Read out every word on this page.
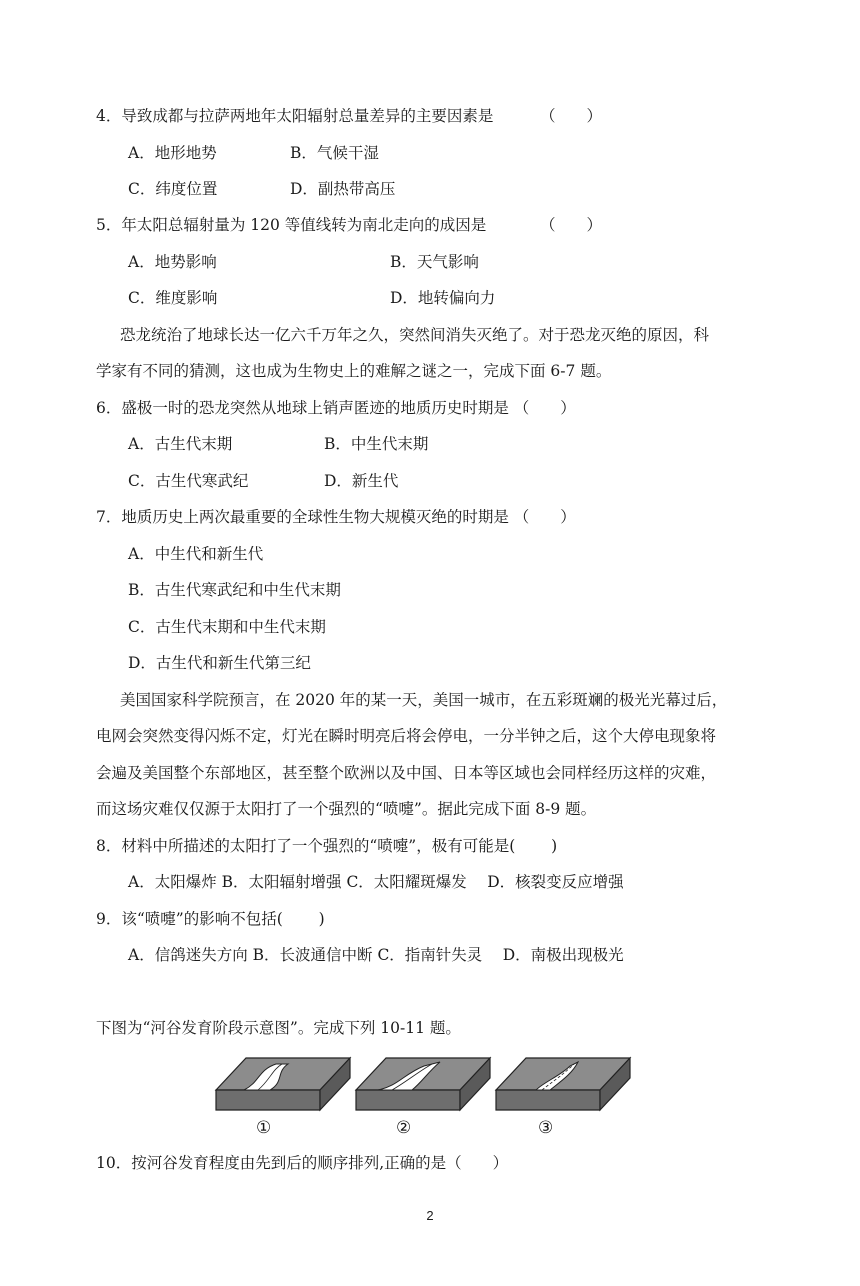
4．导致成都与拉萨两地年太阳辐射总量差异的主要因素是	（　　）
A．地形地势	B．气候干湿
C．纬度位置	D．副热带高压
5．年太阳总辐射量为 120 等值线转为南北走向的成因是	（　　）
A．地势影响	B．天气影响
C．维度影响	D．地转偏向力
恐龙统治了地球长达一亿六千万年之久，突然间消失灭绝了。对于恐龙灭绝的原因，科
学家有不同的猜测，这也成为生物史上的难解之谜之一，完成下面 6-7 题。
6．盛极一时的恐龙突然从地球上销声匿迹的地质历史时期是 （　　）
A．古生代末期	B．中生代末期
C．古生代寒武纪	D．新生代
7．地质历史上两次最重要的全球性生物大规模灭绝的时期是 （　　）
A．中生代和新生代
B．古生代寒武纪和中生代末期
C．古生代末期和中生代末期
D．古生代和新生代第三纪
美国国家科学院预言，在 2020 年的某一天，美国一城市，在五彩斑斓的极光光幕过后，
电网会突然变得闪烁不定，灯光在瞬时明亮后将会停电，一分半钟之后，这个大停电现象将
会遍及美国整个东部地区，甚至整个欧洲以及中国、日本等区域也会同样经历这样的灾难，
而这场灾难仅仅源于太阳打了一个强烈的“喷嚏”。据此完成下面 8-9 题。
8．材料中所描述的太阳打了一个强烈的“喷嚏”，极有可能是(　　 )
A．太阳爆炸 B．太阳辐射增强 C．太阳耀斑爆发　 D．核裂变反应增强
9．该“喷嚏”的影响不包括(　　 )
A．信鸽迷失方向 B．长波通信中断 C．指南针失灵　 D．南极出现极光
下图为“河谷发育阶段示意图”。完成下列 10-11 题。
①	②	③
10．按河谷发育程度由先到后的顺序排列,正确的是（　　）
2
